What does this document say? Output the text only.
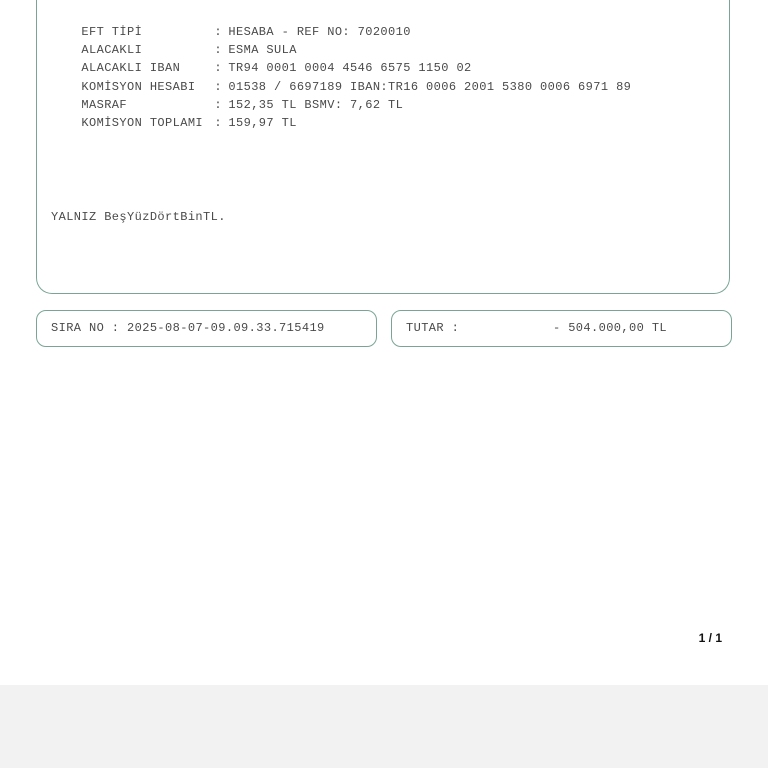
EFT TİPİ	: HESABA - REF NO: 7020010

ALACAKLI	: ESMA SULA

ALACAKLI IBAN	: TR94 0001 0004 4546 6575 1150 02

KOMİSYON HESABI : 01538 / 6697189 IBAN:TR16 0006 2001 5380 0006 6971 89

MASRAF	: 152,35 TL BSMV: 7,62 TL

KOMİSYON TOPLAMI : 159,97 TL

YALNIZ BeşYüzDörtBinTL.
SIRA NO : 2025-08-07-09.09.33.715419	TUTAR :	- 504.000,00 TL
1 / 1
